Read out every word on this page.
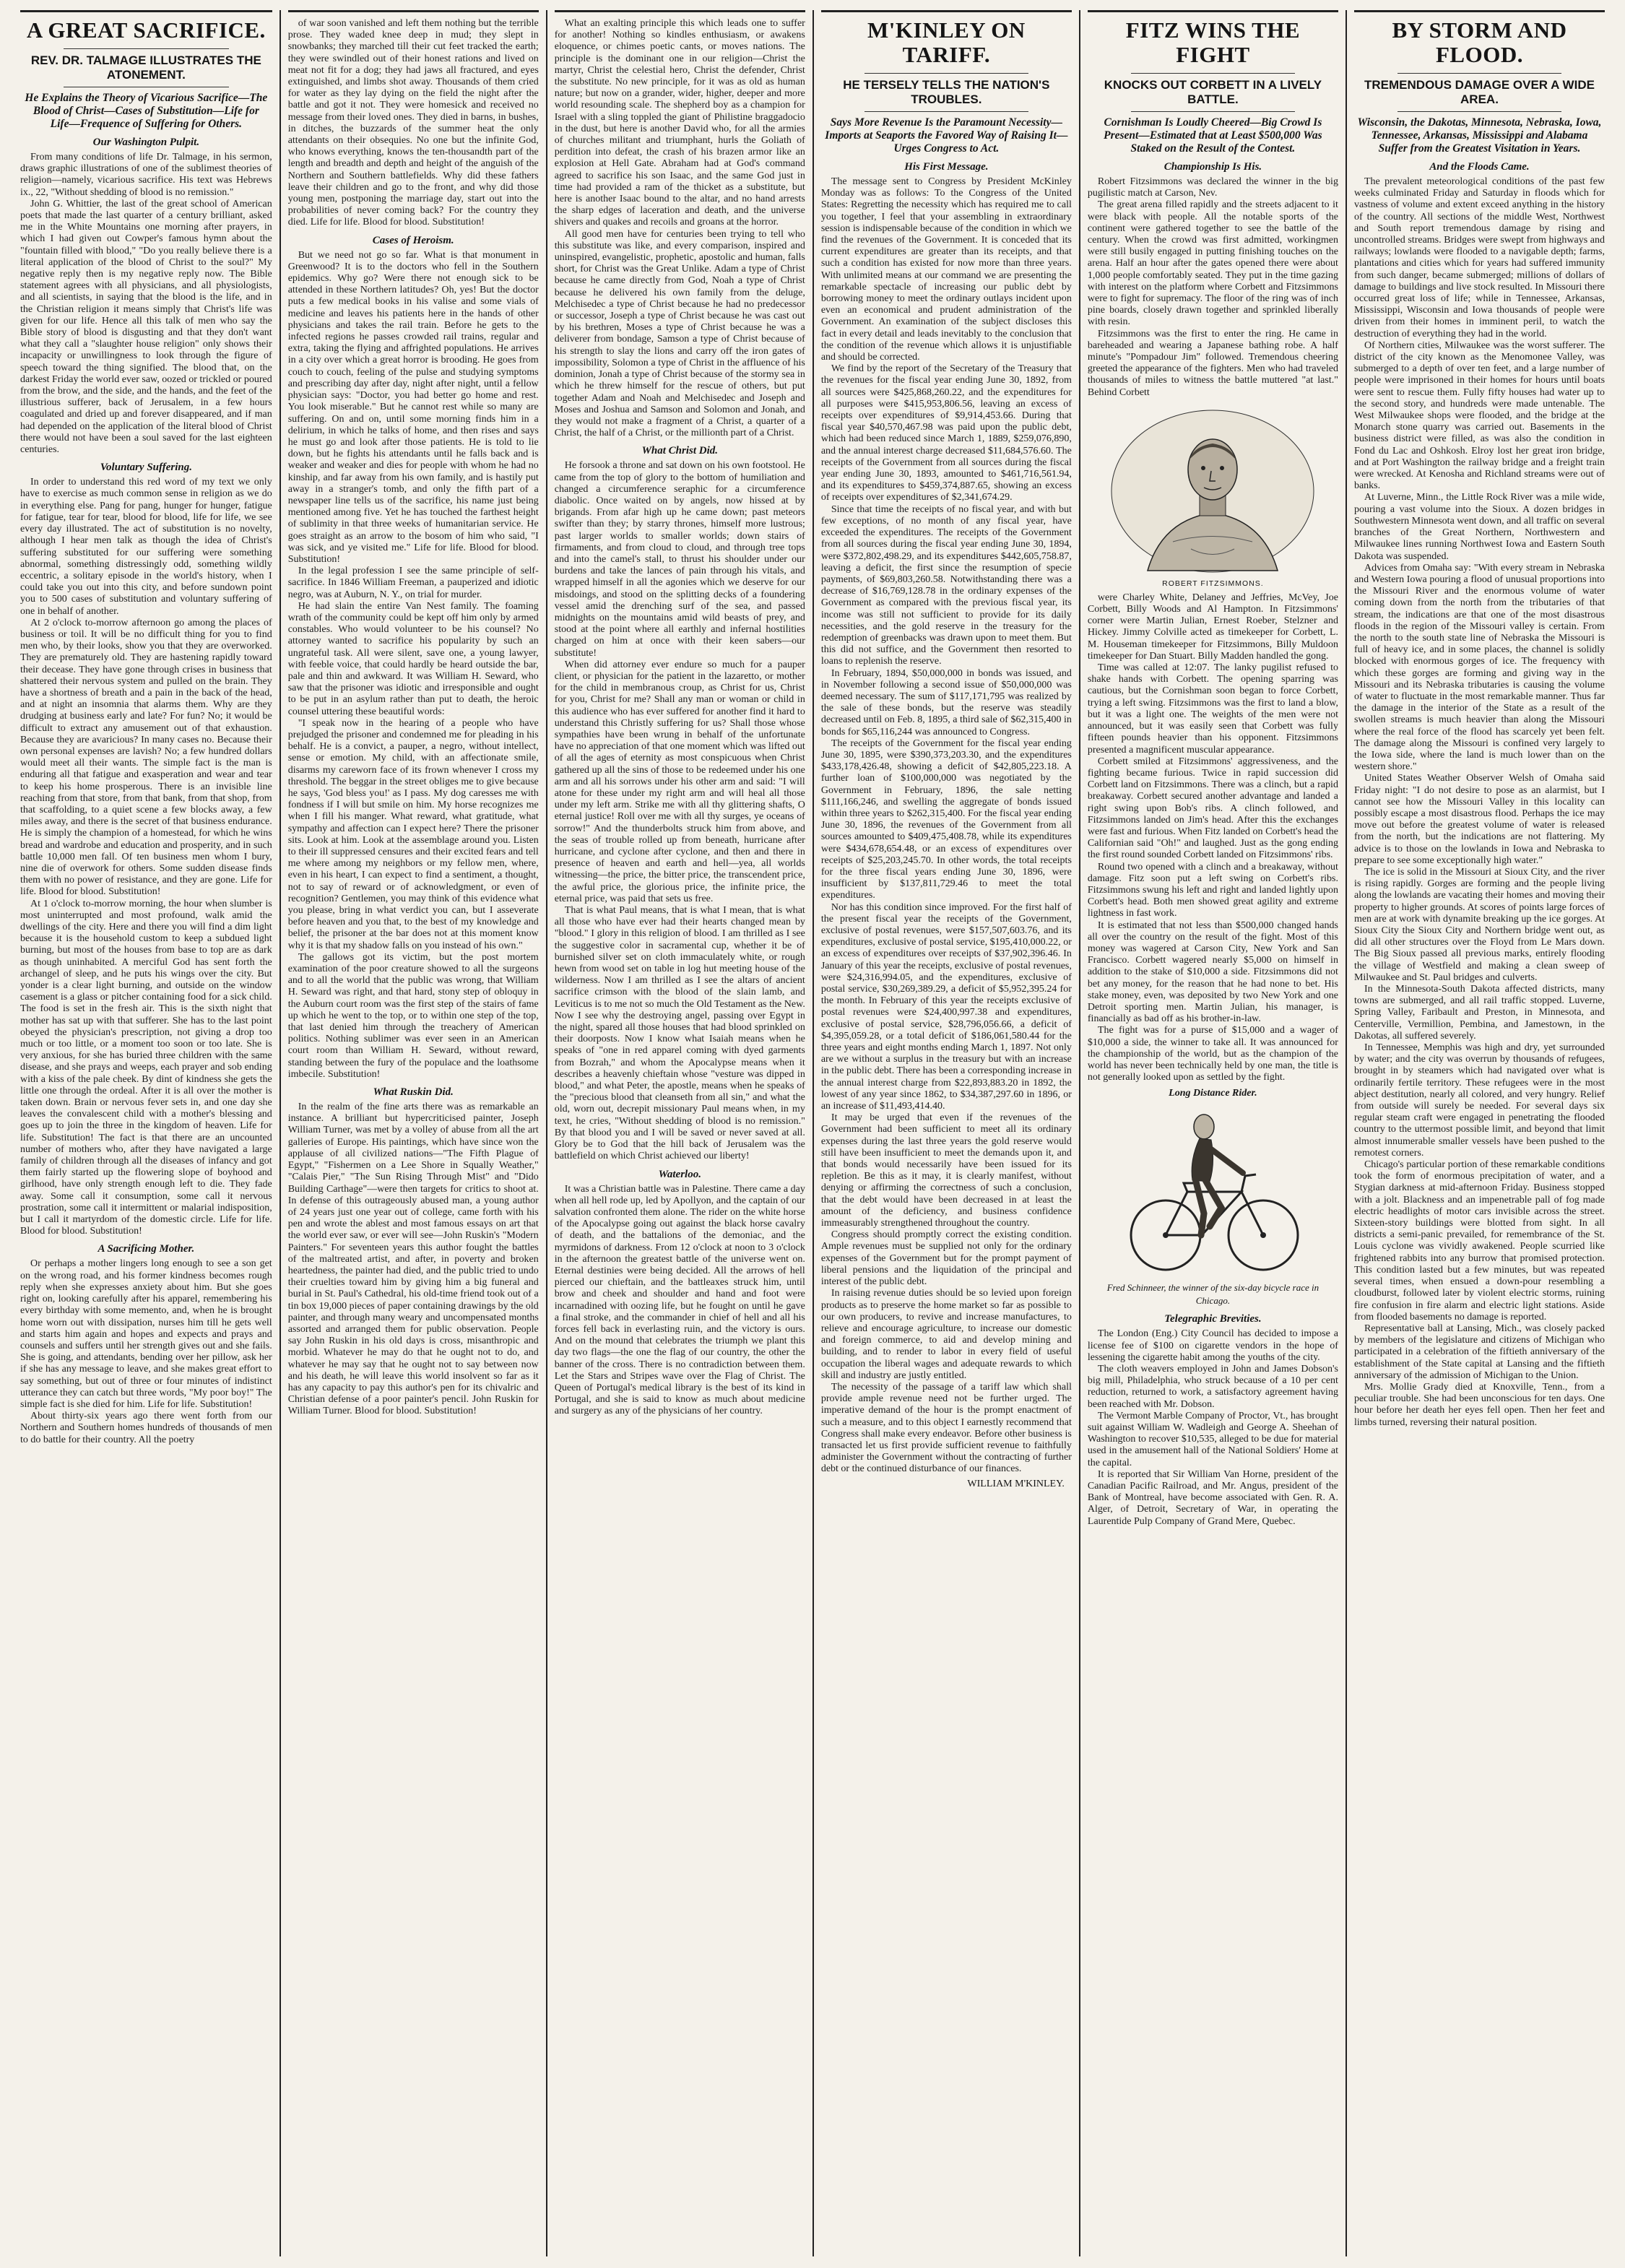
A GREAT SACRIFICE.
REV. DR. TALMAGE ILLUSTRATES THE ATONEMENT.
He Explains the Theory of Vicarious Sacrifice—The Blood of Christ—Cases of Substitution—Life for Life—Frequence of Suffering for Others.
Our Washington Pulpit.

From many conditions of life Dr. Talmage, in his sermon, draws graphic illustrations of one of the sublimest theories of religion—namely, vicarious sacrifice. His text was Hebrews ix., 22, "Without shedding of blood is no remission."

John G. Whittier, the last of the great school of American poets that made the last quarter of a century brilliant, asked me in the White Mountains one morning after prayers, in which I had given out Cowper's famous hymn about the "fountain filled with blood," "Do you really believe there is a literal application of the blood of Christ to the soul?" My negative reply then is my negative reply now. The Bible statement agrees with all physicians, and all physiologists, and all scientists, in saying that the blood is the life, and in the Christian religion it means simply that Christ's life was given for our life. Hence all this talk of men who say the Bible story of blood is disgusting and that they don't want what they call a "slaughter house religion" only shows their incapacity or unwillingness to look through the figure of speech toward the thing signified. The blood that, on the darkest Friday the world ever saw, oozed or trickled or poured from the brow, and the side, and the hands, and the feet of the illustrious sufferer, back of Jerusalem, in a few hours coagulated and dried up and forever disappeared, and if man had depended on the application of the literal blood of Christ there would not have been a soul saved for the last eighteen centuries.

Voluntary Suffering.

In order to understand this red word of my text we only have to exercise as much common sense in religion as we do in everything else. Pang for pang, hunger for hunger, fatigue for fatigue, tear for tear, blood for blood, life for life, we see every day illustrated. The act of substitution is no novelty, although I hear men talk as though the idea of Christ's suffering substituted for our suffering were something abnormal, something distressingly odd, something wildly eccentric, a solitary episode in the world's history, when I could take you out into this city, and before sundown point you to 500 cases of substitution and voluntary suffering of one in behalf of another.

At 2 o'clock to-morrow afternoon go among the places of business or toil. It will be no difficult thing for you to find men who, by their looks, show you that they are overworked. They are prematurely old. They are hastening rapidly toward their decease. They have gone through crises in business that shattered their nervous system and pulled on the brain. They have a shortness of breath and a pain in the back of the head, and at night an insomnia that alarms them. Why are they drudging at business early and late? For fun? No; it would be difficult to extract any amusement out of that exhaustion. Because they are avaricious? In many cases no. Because their own personal expenses are lavish? No; a few hundred dollars would meet all their wants. The simple fact is the man is enduring all that fatigue and exasperation and wear and tear to keep his home prosperous. There is an invisible line reaching from that store, from that bank, from that shop, from that scaffolding, to a quiet scene a few blocks away, a few miles away, and there is the secret of that business endurance. He is simply the champion of a homestead, for which he wins bread and wardrobe and education and prosperity, and in such battle 10,000 men fall. Of ten business men whom I bury, nine die of overwork for others. Some sudden disease finds them with no power of resistance, and they are gone. Life for life. Blood for blood. Substitution!

At 1 o'clock to-morrow morning, the hour when slumber is most uninterrupted and most profound, walk amid the dwellings of the city. Here and there you will find a dim light because it is the household custom to keep a subdued light burning, but most of the houses from base to top are as dark as though uninhabited. A merciful God has sent forth the archangel of sleep, and he puts his wings over the city. But yonder is a clear light burning, and outside on the window casement is a glass or pitcher containing food for a sick child. The food is set in the fresh air. This is the sixth night that mother has sat up with that sufferer. She has to the last point obeyed the physician's prescription, not giving a drop too much or too little, or a moment too soon or too late. She is very anxious, for she has buried three children with the same disease, and she prays and weeps, each prayer and sob ending with a kiss of the pale cheek. By dint of kindness she gets the little one through the ordeal. After it is all over the mother is taken down. Brain or nervous fever sets in, and one day she leaves the convalescent child with a mother's blessing and goes up to join the three in the kingdom of heaven. Life for life. Substitution! The fact is that there are an uncounted number of mothers who, after they have navigated a large family of children through all the diseases of infancy and got them fairly started up the flowering slope of boyhood and girlhood, have only strength enough left to die. They fade away. Some call it consumption, some call it nervous prostration, some call it intermittent or malarial indisposition, but I call it martyrdom of the domestic circle. Life for life. Blood for blood. Substitution!

A Sacrificing Mother.

Or perhaps a mother lingers long enough to see a son get on the wrong road, and his former kindness becomes rough reply when she expresses anxiety about him. But she goes right on, looking carefully after his apparel, remembering his every birthday with some memento, and, when he is brought home worn out with dissipation, nurses him till he gets well and starts him again and hopes and expects and prays and counsels and suffers until her strength gives out and she fails. She is going, and attendants, bending over her pillow, ask her if she has any message to leave, and she makes great effort to say something, but out of three or four minutes of indistinct utterance they can catch but three words, "My poor boy!" The simple fact is she died for him. Life for life. Substitution!

About thirty-six years ago there went forth from our Northern and Southern homes hundreds of thousands of men to do battle for their country. All the poetry

of war soon vanished and left them nothing but the terrible prose. They waded knee deep in mud; they slept in snowbanks; they marched till their cut feet tracked the earth; they were swindled out of their honest rations and lived on meat not fit for a dog; they had jaws all fractured, and eyes extinguished, and limbs shot away. Thousands of them cried for water as they lay dying on the field the night after the battle and got it not. They were homesick and received no message from their loved ones. They died in barns, in bushes, in ditches, the buzzards of the summer heat the only attendants on their obsequies. No one but the infinite God, who knows everything, knows the ten-thousandth part of the length and breadth and depth and height of the anguish of the Northern and Southern battlefields. Why did these fathers leave their children and go to the front, and why did those young men, postponing the marriage day, start out into the probabilities of never coming back? For the country they died. Life for life. Blood for blood. Substitution!

Cases of Heroism.

But we need not go so far. What is that monument in Greenwood? It is to the doctors who fell in the Southern epidemics. Why go? Were there not enough sick to be attended in these Northern latitudes? Oh, yes! But the doctor puts a few medical books in his valise and some vials of medicine and leaves his patients here in the hands of other physicians and takes the rail train. Before he gets to the infected regions he passes crowded rail trains, regular and extra, taking the flying and affrighted populations. He arrives in a city over which a great horror is brooding. He goes from couch to couch, feeling of the pulse and studying symptoms and prescribing day after day, night after night, until a fellow physician says: "Doctor, you had better go home and rest. You look miserable." But he cannot rest while so many are suffering. On and on, until some morning finds him in a delirium, in which he talks of home, and then rises and says he must go and look after those patients. He is told to lie down, but he fights his attendants until he falls back and is weaker and weaker and dies for people with whom he had no kinship, and far away from his own family, and is hastily put away in a stranger's tomb, and only the fifth part of a newspaper line tells us of the sacrifice, his name just being mentioned among five. Yet he has touched the farthest height of sublimity in that three weeks of humanitarian service. He goes straight as an arrow to the bosom of him who said, "I was sick, and ye visited me." Life for life. Blood for blood. Substitution!

In the legal profession I see the same principle of self-sacrifice. In 1846 William Freeman, a pauperized and idiotic negro, was at Auburn, N. Y., on trial for murder.

He had slain the entire Van Nest family. The foaming wrath of the community could be kept off him only by armed constables. Who would volunteer to be his counsel? No attorney wanted to sacrifice his popularity by such an ungrateful task. All were silent, save one, a young lawyer, with feeble voice, that could hardly be heard outside the bar, pale and thin and awkward. It was William H. Seward, who saw that the prisoner was idiotic and irresponsible and ought to be put in an asylum rather than put to death, the heroic counsel uttering these beautiful words:

"I speak now in the hearing of a people who have prejudged the prisoner and condemned me for pleading in his behalf. He is a convict, a pauper, a negro, without intellect, sense or emotion. My child, with an affectionate smile, disarms my careworn face of its frown whenever I cross my threshold. The beggar in the street obliges me to give because he says, 'God bless you!' as I pass. My dog caresses me with fondness if I will but smile on him. My horse recognizes me when I fill his manger. What reward, what gratitude, what sympathy and affection can I expect here? There the prisoner sits. Look at him. Look at the assemblage around you. Listen to their ill suppressed censures and their excited fears and tell me where among my neighbors or my fellow men, where, even in his heart, I can expect to find a sentiment, a thought, not to say of reward or of acknowledgment, or even of recognition? Gentlemen, you may think of this evidence what you please, bring in what verdict you can, but I asseverate before heaven and you that, to the best of my knowledge and belief, the prisoner at the bar does not at this moment know why it is that my shadow falls on you instead of his own."

The gallows got its victim, but the post mortem examination of the poor creature showed to all the surgeons and to all the world that the public was wrong, that William H. Seward was right, and that hard, stony step of obloquy in the Auburn court room was the first step of the stairs of fame up which he went to the top, or to within one step of the top, that last denied him through the treachery of American politics. Nothing sublimer was ever seen in an American court room than William H. Seward, without reward, standing between the fury of the populace and the loathsome imbecile. Substitution!

What Ruskin Did.

In the realm of the fine arts there was as remarkable an instance. A brilliant but hypercriticised painter, Joseph William Turner, was met by a volley of abuse from all the art galleries of Europe. His paintings, which have since won the applause of all civilized nations—"The Fifth Plague of Egypt," "Fishermen on a Lee Shore in Squally Weather," "Calais Pier," "The Sun Rising Through Mist" and "Dido Building Carthage"—were then targets for critics to shoot at. In defense of this outrageously abused man, a young author of 24 years just one year out of college, came forth with his pen and wrote the ablest and most famous essays on art that the world ever saw, or ever will see—John Ruskin's "Modern Painters." For seventeen years this author fought the battles of the maltreated artist, and after, in poverty and broken heartedness, the painter had died, and the public tried to undo their cruelties toward him by giving him a big funeral and burial in St. Paul's Cathedral, his old-time friend took out of a tin box 19,000 pieces of paper containing drawings by the old painter, and through many weary and uncompensated months assorted and arranged them for public observation. People say John Ruskin in his old days is cross, misanthropic and morbid. Whatever he may do that he ought not to do, and whatever he may say that he ought not to say between now and his death, he will leave this world insolvent so far as it has any capacity to pay this author's pen for its chivalric and Christian defense of a poor painter's pencil. John Ruskin for William Turner. Blood for blood. Substitution!

What an exalting principle this which leads one to suffer for another! Nothing so kindles enthusiasm, or awakens eloquence, or chimes poetic cants, or moves nations. The principle is the dominant one in our religion—Christ the martyr, Christ the celestial hero, Christ the defender, Christ the substitute. No new principle, for it was as old as human nature; but now on a grander, wider, higher, deeper and more world resounding scale. The shepherd boy as a champion for Israel with a sling toppled the giant of Philistine braggadocio in the dust, but here is another David who, for all the armies of churches militant and triumphant, hurls the Goliath of perdition into defeat, the crash of his brazen armor like an explosion at Hell Gate. Abraham had at God's command agreed to sacrifice his son Isaac, and the same God just in time had provided a ram of the thicket as a substitute, but here is another Isaac bound to the altar, and no hand arrests the sharp edges of laceration and death, and the universe shivers and quakes and recoils and groans at the horror.

All good men have for centuries been trying to tell who this substitute was like, and every comparison, inspired and uninspired, evangelistic, prophetic, apostolic and human, falls short, for Christ was the Great Unlike. Adam a type of Christ because he came directly from God, Noah a type of Christ because he delivered his own family from the deluge, Melchisedec a type of Christ because he had no predecessor or successor, Joseph a type of Christ because he was cast out by his brethren, Moses a type of Christ because he was a deliverer from bondage, Samson a type of Christ because of his strength to slay the lions and carry off the iron gates of impossibility, Solomon a type of Christ in the affluence of his dominion, Jonah a type of Christ because of the stormy sea in which he threw himself for the rescue of others, but put together Adam and Noah and Melchisedec and Joseph and Moses and Joshua and Samson and Solomon and Jonah, and they would not make a fragment of a Christ, a quarter of a Christ, the half of a Christ, or the millionth part of a Christ.

What Christ Did.

He forsook a throne and sat down on his own footstool. He came from the top of glory to the bottom of humiliation and changed a circumference seraphic for a circumference diabolic. Once waited on by angels, now hissed at by brigands. From afar high up he came down; past meteors swifter than they; by starry thrones, himself more lustrous; past larger worlds to smaller worlds; down stairs of firmaments, and from cloud to cloud, and through tree tops and into the camel's stall, to thrust his shoulder under our burdens and take the lances of pain through his vitals, and wrapped himself in all the agonies which we deserve for our misdoings, and stood on the splitting decks of a foundering vessel amid the drenching surf of the sea, and passed midnights on the mountains amid wild beasts of prey, and stood at the point where all earthly and infernal hostilities charged on him at once with their keen sabers—our substitute!

When did attorney ever endure so much for a pauper client, or physician for the patient in the lazaretto, or mother for the child in membranous croup, as Christ for us, Christ for you, Christ for me? Shall any man or woman or child in this audience who has ever suffered for another find it hard to understand this Christly suffering for us? Shall those whose sympathies have been wrung in behalf of the unfortunate have no appreciation of that one moment which was lifted out of all the ages of eternity as most conspicuous when Christ gathered up all the sins of those to be redeemed under his one arm and all his sorrows under his other arm and said: "I will atone for these under my right arm and will heal all those under my left arm. Strike me with all thy glittering shafts, O eternal justice! Roll over me with all thy surges, ye oceans of sorrow!" And the thunderbolts struck him from above, and the seas of trouble rolled up from beneath, hurricane after hurricane, and cyclone after cyclone, and then and there in presence of heaven and earth and hell—yea, all worlds witnessing—the price, the bitter price, the transcendent price, the awful price, the glorious price, the infinite price, the eternal price, was paid that sets us free.

That is what Paul means, that is what I mean, that is what all those who have ever had their hearts changed mean by "blood." I glory in this religion of blood. I am thrilled as I see the suggestive color in sacramental cup, whether it be of burnished silver set on cloth immaculately white, or rough hewn from wood set on table in log hut meeting house of the wilderness. Now I am thrilled as I see the altars of ancient sacrifice crimson with the blood of the slain lamb, and Leviticus is to me not so much the Old Testament as the New. Now I see why the destroying angel, passing over Egypt in the night, spared all those houses that had blood sprinkled on their doorposts. Now I know what Isaiah means when he speaks of "one in red apparel coming with dyed garments from Bozrah," and whom the Apocalypse means when it describes a heavenly chieftain whose "vesture was dipped in blood," and what Peter, the apostle, means when he speaks of the "precious blood that cleanseth from all sin," and what the old, worn out, decrepit missionary Paul means when, in my text, he cries, "Without shedding of blood is no remission." By that blood you and I will be saved or never saved at all. Glory be to God that the hill back of Jerusalem was the battlefield on which Christ achieved our liberty!

Waterloo.

It was a Christian battle was in Palestine. There came a day when all hell rode up, led by Apollyon, and the captain of our salvation confronted them alone. The rider on the white horse of the Apocalypse going out against the black horse cavalry of death, and the battalions of the demoniac, and the myrmidons of darkness. From 12 o'clock at noon to 3 o'clock in the afternoon the greatest battle of the universe went on. Eternal destinies were being decided. All the arrows of hell pierced our chieftain, and the battleaxes struck him, until brow and cheek and shoulder and hand and foot were incarnadined with oozing life, but he fought on until he gave a final stroke, and the commander in chief of hell and all his forces fell back in everlasting ruin, and the victory is ours. And on the mound that celebrates the triumph we plant this day two flags—the one the flag of our country, the other the banner of the cross. There is no contradiction between them. Let the Stars and Stripes wave over the Flag of Christ. The Queen of Portugal's medical library is the best of its kind in Portugal, and she is said to know as much about medicine and surgery as any of the physicians of her country.

M'KINLEY ON TARIFF.
HE TERSELY TELLS THE NATION'S TROUBLES.
Says More Revenue Is the Paramount Necessity—Imports at Seaports the Favored Way of Raising It—Urges Congress to Act.
His First Message.

The message sent to Congress by President McKinley Monday was as follows: To the Congress of the United States: Regretting the necessity which has required me to call you together, I feel that your assembling in extraordinary session is indispensable because of the condition in which we find the revenues of the Government. It is conceded that its current expenditures are greater than its receipts, and that such a condition has existed for now more than three years. With unlimited means at our command we are presenting the remarkable spectacle of increasing our public debt by borrowing money to meet the ordinary outlays incident upon even an economical and prudent administration of the Government. An examination of the subject discloses this fact in every detail and leads inevitably to the conclusion that the condition of the revenue which allows it is unjustifiable and should be corrected.

We find by the report of the Secretary of the Treasury that the revenues for the fiscal year ending June 30, 1892, from all sources were $425,868,260.22, and the expenditures for all purposes were $415,953,806.56, leaving an excess of receipts over expenditures of $9,914,453.66. During that fiscal year $40,570,467.98 was paid upon the public debt, which had been reduced since March 1, 1889, $259,076,890, and the annual interest charge decreased $11,684,576.60. The receipts of the Government from all sources during the fiscal year ending June 30, 1893, amounted to $461,716,561.94, and its expenditures to $459,374,887.65, showing an excess of receipts over expenditures of $2,341,674.29.

Since that time the receipts of no fiscal year, and with but few exceptions, of no month of any fiscal year, have exceeded the expenditures. The receipts of the Government from all sources during the fiscal year ending June 30, 1894, were $372,802,498.29, and its expenditures $442,605,758.87, leaving a deficit, the first since the resumption of specie payments, of $69,803,260.58. Notwithstanding there was a decrease of $16,769,128.78 in the ordinary expenses of the Government as compared with the previous fiscal year, its income was still not sufficient to provide for its daily necessities, and the gold reserve in the treasury for the redemption of greenbacks was drawn upon to meet them. But this did not suffice, and the Government then resorted to loans to replenish the reserve.

In February, 1894, $50,000,000 in bonds was issued, and in November following a second issue of $50,000,000 was deemed necessary. The sum of $117,171,795 was realized by the sale of these bonds, but the reserve was steadily decreased until on Feb. 8, 1895, a third sale of $62,315,400 in bonds for $65,116,244 was announced to Congress.

The receipts of the Government for the fiscal year ending June 30, 1895, were $390,373,203.30, and the expenditures $433,178,426.48, showing a deficit of $42,805,223.18. A further loan of $100,000,000 was negotiated by the Government in February, 1896, the sale netting $111,166,246, and swelling the aggregate of bonds issued within three years to $262,315,400. For the fiscal year ending June 30, 1896, the revenues of the Government from all sources amounted to $409,475,408.78, while its expenditures were $434,678,654.48, or an excess of expenditures over receipts of $25,203,245.70. In other words, the total receipts for the three fiscal years ending June 30, 1896, were insufficient by $137,811,729.46 to meet the total expenditures.

Nor has this condition since improved. For the first half of the present fiscal year the receipts of the Government, exclusive of postal revenues, were $157,507,603.76, and its expenditures, exclusive of postal service, $195,410,000.22, or an excess of expenditures over receipts of $37,902,396.46. In January of this year the receipts, exclusive of postal revenues, were $24,316,994.05, and the expenditures, exclusive of postal service, $30,269,389.29, a deficit of $5,952,395.24 for the month. In February of this year the receipts exclusive of postal revenues were $24,400,997.38 and expenditures, exclusive of postal service, $28,796,056.66, a deficit of $4,395,059.28, or a total deficit of $186,061,580.44 for the three years and eight months ending March 1, 1897. Not only are we without a surplus in the treasury but with an increase in the public debt. There has been a corresponding increase in the annual interest charge from $22,893,883.20 in 1892, the lowest of any year since 1862, to $34,387,297.60 in 1896, or an increase of $11,493,414.40.

It may be urged that even if the revenues of the Government had been sufficient to meet all its ordinary expenses during the last three years the gold reserve would still have been insufficient to meet the demands upon it, and that bonds would necessarily have been issued for its repletion. Be this as it may, it is clearly manifest, without denying or affirming the correctness of such a conclusion, that the debt would have been decreased in at least the amount of the deficiency, and business confidence immeasurably strengthened throughout the country.

Congress should promptly correct the existing condition. Ample revenues must be supplied not only for the ordinary expenses of the Government but for the prompt payment of liberal pensions and the liquidation of the principal and interest of the public debt.

In raising revenue duties should be so levied upon foreign products as to preserve the home market so far as possible to our own producers, to revive and increase manufactures, to relieve and encourage agriculture, to increase our domestic and foreign commerce, to aid and develop mining and building, and to render to labor in every field of useful occupation the liberal wages and adequate rewards to which skill and industry are justly entitled.

The necessity of the passage of a tariff law which shall provide ample revenue need not be further urged. The imperative demand of the hour is the prompt enactment of such a measure, and to this object I earnestly recommend that Congress shall make every endeavor. Before other business is transacted let us first provide sufficient revenue to faithfully administer the Government without the contracting of further debt or the continued disturbance of our finances.

WILLIAM M'KINLEY.
FITZ WINS THE FIGHT
KNOCKS OUT CORBETT IN A LIVELY BATTLE.
Cornishman Is Loudly Cheered—Big Crowd Is Present—Estimated that at Least $500,000 Was Staked on the Result of the Contest.
Championship Is His.

Robert Fitzsimmons was declared the winner in the big pugilistic match at Carson, Nev.

The great arena filled rapidly and the streets adjacent to it were black with people. All the notable sports of the continent were gathered together to see the battle of the century. When the crowd was first admitted, workingmen were still busily engaged in putting finishing touches on the arena. Half an hour after the gates opened there were about 1,000 people comfortably seated. They put in the time gazing with interest on the platform where Corbett and Fitzsimmons were to fight for supremacy. The floor of the ring was of inch pine boards, closely drawn together and sprinkled liberally with resin.

Fitzsimmons was the first to enter the ring. He came in bareheaded and wearing a Japanese bathing robe. A half minute's "Pompadour Jim" followed. Tremendous cheering greeted the appearance of the fighters. Men who had traveled thousands of miles to witness the battle muttered "at last." Behind Corbett

ROBERT FITZSIMMONS.

were Charley White, Delaney and Jeffries, McVey, Joe Corbett, Billy Woods and Al Hampton. In Fitzsimmons' corner were Martin Julian, Ernest Roeber, Stelzner and Hickey. Jimmy Colville acted as timekeeper for Corbett, L. M. Houseman timekeeper for Fitzsimmons, Billy Muldoon timekeeper for Dan Stuart. Billy Madden handled the gong.

Time was called at 12:07. The lanky pugilist refused to shake hands with Corbett. The opening sparring was cautious, but the Cornishman soon began to force Corbett, trying a left swing. Fitzsimmons was the first to land a blow, but it was a light one. The weights of the men were not announced, but it was easily seen that Corbett was fully fifteen pounds heavier than his opponent. Fitzsimmons presented a magnificent muscular appearance.

Corbett smiled at Fitzsimmons' aggressiveness, and the fighting became furious. Twice in rapid succession did Corbett land on Fitzsimmons. There was a clinch, but a rapid breakaway. Corbett secured another advantage and landed a right swing upon Bob's ribs. A clinch followed, and Fitzsimmons landed on Jim's head. After this the exchanges were fast and furious. When Fitz landed on Corbett's head the Californian said "Oh!" and laughed. Just as the gong ending the first round sounded Corbett landed on Fitzsimmons' ribs.

Round two opened with a clinch and a breakaway, without damage. Fitz soon put a left swing on Corbett's ribs. Fitzsimmons swung his left and right and landed lightly upon Corbett's head. Both men showed great agility and extreme lightness in fast work.

It is estimated that not less than $500,000 changed hands all over the country on the result of the fight. Most of this money was wagered at Carson City, New York and San Francisco. Corbett wagered nearly $5,000 on himself in addition to the stake of $10,000 a side. Fitzsimmons did not bet any money, for the reason that he had none to bet. His stake money, even, was deposited by two New York and one Detroit sporting men. Martin Julian, his manager, is financially as bad off as his brother-in-law.

The fight was for a purse of $15,000 and a wager of $10,000 a side, the winner to take all. It was announced for the championship of the world, but as the champion of the world has never been technically held by one man, the title is not generally looked upon as settled by the fight.

Long Distance Rider.
Fred Schinneer, the winner of the six-day bicycle race in Chicago.
Telegraphic Brevities.

The London (Eng.) City Council has decided to impose a license fee of $100 on cigarette vendors in the hope of lessening the cigarette habit among the youths of the city.

The cloth weavers employed in John and James Dobson's big mill, Philadelphia, who struck because of a 10 per cent reduction, returned to work, a satisfactory agreement having been reached with Mr. Dobson.

The Vermont Marble Company of Proctor, Vt., has brought suit against William W. Wadleigh and George A. Sheehan of Washington to recover $10,535, alleged to be due for material used in the amusement hall of the National Soldiers' Home at the capital.

It is reported that Sir William Van Horne, president of the Canadian Pacific Railroad, and Mr. Angus, president of the Bank of Montreal, have become associated with Gen. R. A. Alger, of Detroit, Secretary of War, in operating the Laurentide Pulp Company of Grand Mere, Quebec.

BY STORM AND FLOOD.
TREMENDOUS DAMAGE OVER A WIDE AREA.
Wisconsin, the Dakotas, Minnesota, Nebraska, Iowa, Tennessee, Arkansas, Mississippi and Alabama Suffer from the Greatest Visitation in Years.
And the Floods Came.

The prevalent meteorological conditions of the past few weeks culminated Friday and Saturday in floods which for vastness of volume and extent exceed anything in the history of the country. All sections of the middle West, Northwest and South report tremendous damage by rising and uncontrolled streams. Bridges were swept from highways and railways; lowlands were flooded to a navigable depth; farms, plantations and cities which for years had suffered immunity from such danger, became submerged; millions of dollars of damage to buildings and live stock resulted. In Missouri there occurred great loss of life; while in Tennessee, Arkansas, Mississippi, Wisconsin and Iowa thousands of people were driven from their homes in imminent peril, to watch the destruction of everything they had in the world.

Of Northern cities, Milwaukee was the worst sufferer. The district of the city known as the Menomonee Valley, was submerged to a depth of over ten feet, and a large number of people were imprisoned in their homes for hours until boats were sent to rescue them. Fully fifty houses had water up to the second story, and hundreds were made untenable. The West Milwaukee shops were flooded, and the bridge at the Monarch stone quarry was carried out. Basements in the business district were filled, as was also the condition in Fond du Lac and Oshkosh. Elroy lost her great iron bridge, and at Port Washington the railway bridge and a freight train were wrecked. At Kenosha and Richland streams were out of banks.

At Luverne, Minn., the Little Rock River was a mile wide, pouring a vast volume into the Sioux. A dozen bridges in Southwestern Minnesota went down, and all traffic on several branches of the Great Northern, Northwestern and Milwaukee lines running Northwest Iowa and Eastern South Dakota was suspended.

Advices from Omaha say: "With every stream in Nebraska and Western Iowa pouring a flood of unusual proportions into the Missouri River and the enormous volume of water coming down from the north from the tributaries of that stream, the indications are that one of the most disastrous floods in the region of the Missouri valley is certain. From the north to the south state line of Nebraska the Missouri is full of heavy ice, and in some places, the channel is solidly blocked with enormous gorges of ice. The frequency with which these gorges are forming and giving way in the Missouri and its Nebraska tributaries is causing the volume of water to fluctuate in the most remarkable manner. Thus far the damage in the interior of the State as a result of the swollen streams is much heavier than along the Missouri where the real force of the flood has scarcely yet been felt. The damage along the Missouri is confined very largely to the Iowa side, where the land is much lower than on the western shore."

United States Weather Observer Welsh of Omaha said Friday night: "I do not desire to pose as an alarmist, but I cannot see how the Missouri Valley in this locality can possibly escape a most disastrous flood. Perhaps the ice may move out before the greatest volume of water is released from the north, but the indications are not flattering. My advice is to those on the lowlands in Iowa and Nebraska to prepare to see some exceptionally high water."

The ice is solid in the Missouri at Sioux City, and the river is rising rapidly. Gorges are forming and the people living along the lowlands are vacating their homes and moving their property to higher grounds. At scores of points large forces of men are at work with dynamite breaking up the ice gorges. At Sioux City the Sioux City and Northern bridge went out, as did all other structures over the Floyd from Le Mars down. The Big Sioux passed all previous marks, entirely flooding the village of Westfield and making a clean sweep of Milwaukee and St. Paul bridges and culverts.

In the Minnesota-South Dakota affected districts, many towns are submerged, and all rail traffic stopped. Luverne, Spring Valley, Faribault and Preston, in Minnesota, and Centerville, Vermillion, Pembina, and Jamestown, in the Dakotas, all suffered severely.

In Tennessee, Memphis was high and dry, yet surrounded by water; and the city was overrun by thousands of refugees, brought in by steamers which had navigated over what is ordinarily fertile territory. These refugees were in the most abject destitution, nearly all colored, and very hungry. Relief from outside will surely be needed. For several days six regular steam craft were engaged in penetrating the flooded country to the uttermost possible limit, and beyond that limit almost innumerable smaller vessels have been pushed to the remotest corners.

Chicago's particular portion of these remarkable conditions took the form of enormous precipitation of water, and a Stygian darkness at mid-afternoon Friday. Business stopped with a jolt. Blackness and an impenetrable pall of fog made electric headlights of motor cars invisible across the street. Sixteen-story buildings were blotted from sight. In all districts a semi-panic prevailed, for remembrance of the St. Louis cyclone was vividly awakened. People scurried like frightened rabbits into any burrow that promised protection. This condition lasted but a few minutes, but was repeated several times, when ensued a down-pour resembling a cloudburst, followed later by violent electric storms, ruining fire confusion in fire alarm and electric light stations. Aside from flooded basements no damage is reported.

Representative ball at Lansing, Mich., was closely packed by members of the legislature and citizens of Michigan who participated in a celebration of the fiftieth anniversary of the establishment of the State capital at Lansing and the fiftieth anniversary of the admission of Michigan to the Union.

Mrs. Mollie Grady died at Knoxville, Tenn., from a peculiar trouble. She had been unconscious for ten days. One hour before her death her eyes fell open. Then her feet and limbs turned, reversing their natural position.
